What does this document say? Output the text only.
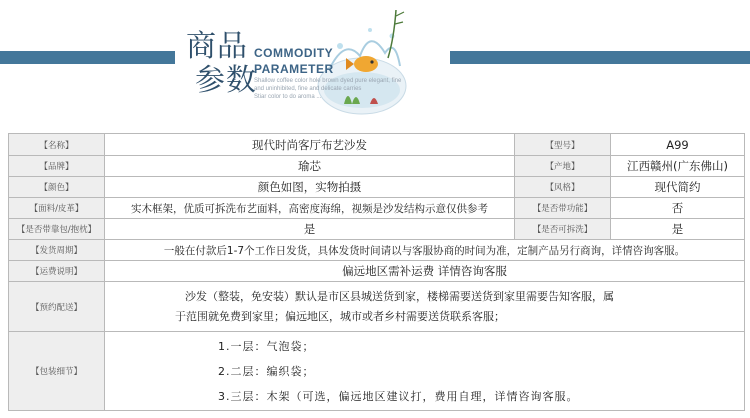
商品
参数
COMMODITY
PARAMETER
Shallow coffee color hole brown dyed pure elegant, fine
and uninhibited, fine and delicate carries
Stiar color to do aroma ...
【名称】	现代时尚客厅布艺沙发	【型号】	A99
【品牌】	瑜芯	【产地】	江西赣州(广东佛山)
【颜色】	颜色如图，实物拍摄	【风格】	现代简约
【面料/皮革】	实木框架，优质可拆洗布艺面料，高密度海绵，视频是沙发结构示意仅供参考	【是否带功能】	否
【是否带靠包/抱枕】	是	【是否可拆洗】	是
【发货周期】	一般在付款后1-7个工作日发货，具体发货时间请以与客服协商的时间为准，定制产品另行商询，详情咨询客服。		
【运费说明】	偏远地区需补运费 详情咨询客服		
【预约配送】	沙发（整装，免安装）默认是市区县城送货到家，楼梯需要送货到家里需要告知客服，属
于范围就免费到家里；偏远地区，城市或者乡村需要送货联系客服；		

【包装细节】	1.一层：气泡袋；
2.二层：编织袋；
3.三层：木架（可选，偏远地区建议打，费用自理，详情咨询客服。		
